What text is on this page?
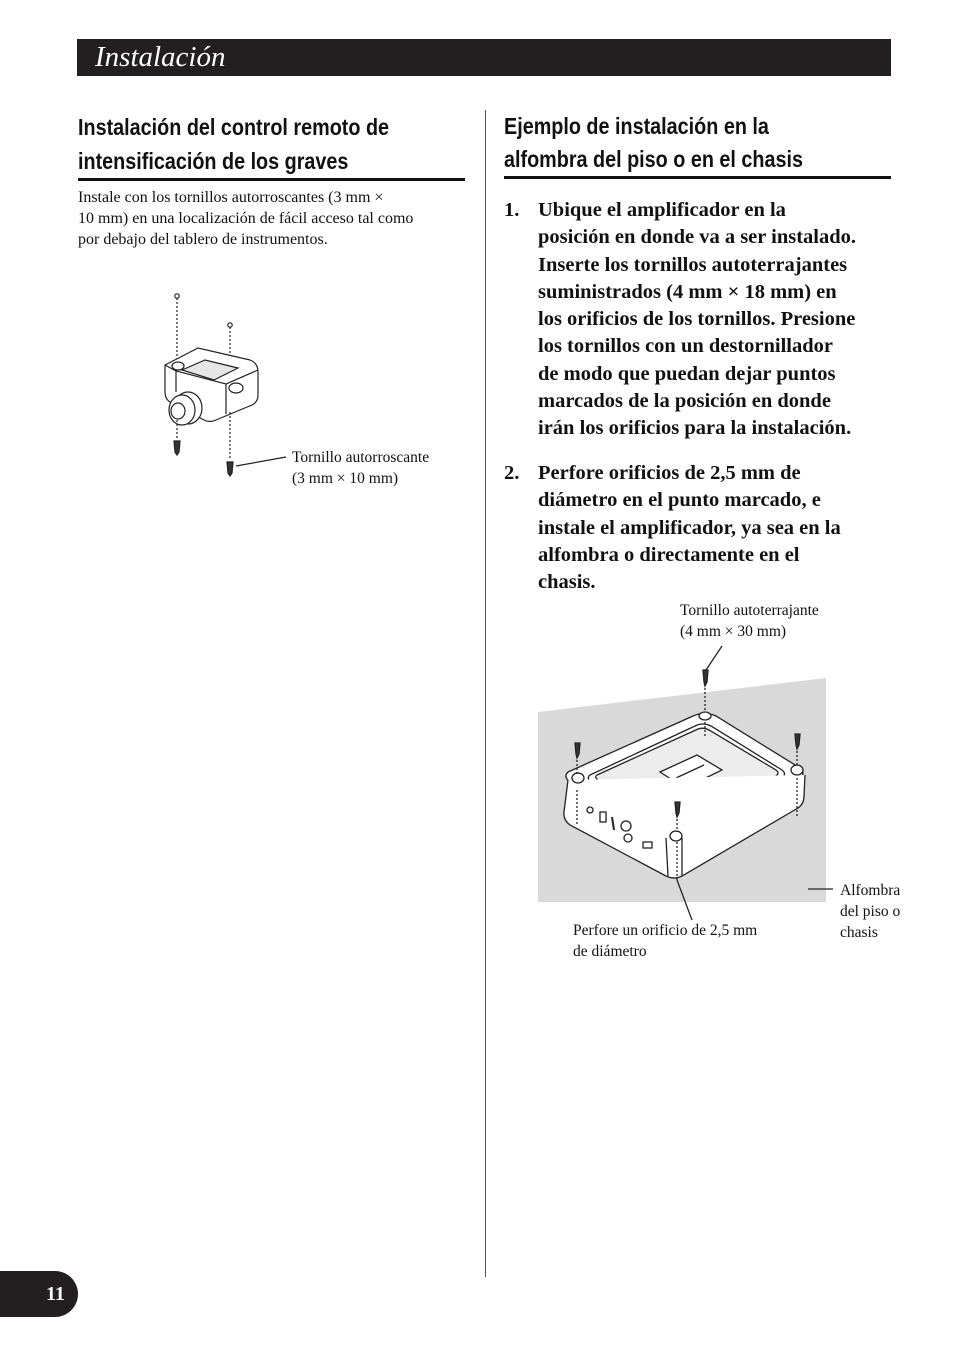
Instalación
Instalación del control remoto de
intensificación de los graves
Instale con los tornillos autorroscantes (3 mm ×
10 mm) en una localización de fácil acceso tal como
por debajo del tablero de instrumentos.
Tornillo autorroscante
(3 mm × 10 mm)
Ejemplo de instalación en la
alfombra del piso o en el chasis
1. Ubique el amplificador en la
posición en donde va a ser instalado.
Inserte los tornillos autoterrajantes
suministrados (4 mm × 18 mm) en
los orificios de los tornillos. Presione
los tornillos con un destornillador
de modo que puedan dejar puntos
marcados de la posición en donde
irán los orificios para la instalación.
2. Perfore orificios de 2,5 mm de
diámetro en el punto marcado, e
instale el amplificador, ya sea en la
alfombra o directamente en el
chasis.
Tornillo autoterrajante
(4 mm × 30 mm)
Alfombra
del piso o
chasis
Perfore un orificio de 2,5 mm
de diámetro
11
